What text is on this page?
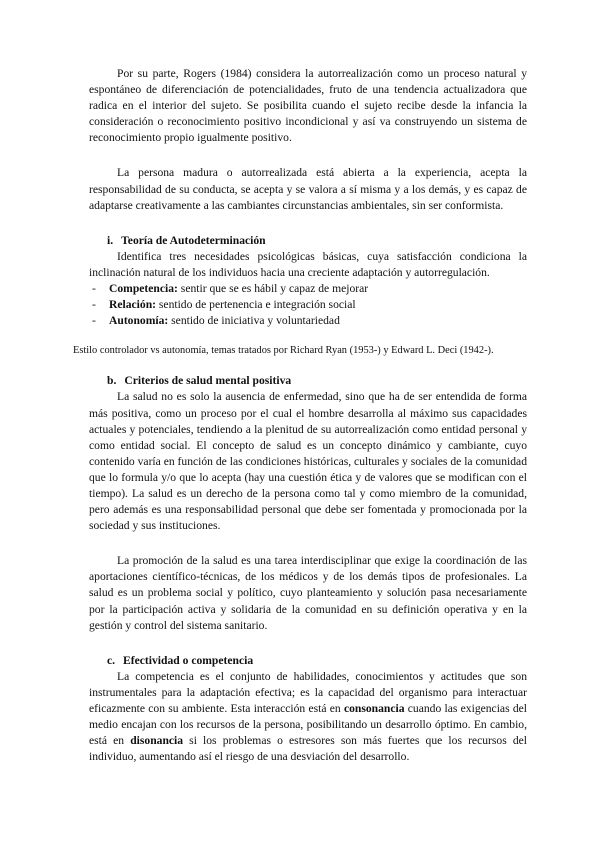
Por su parte, Rogers (1984) considera la autorrealización como un proceso natural y espontáneo de diferenciación de potencialidades, fruto de una tendencia actualizadora que radica en el interior del sujeto. Se posibilita cuando el sujeto recibe desde la infancia la consideración o reconocimiento positivo incondicional y así va construyendo un sistema de reconocimiento propio igualmente positivo.

La persona madura o autorrealizada está abierta a la experiencia, acepta la responsabilidad de su conducta, se acepta y se valora a sí misma y a los demás, y es capaz de adaptarse creativamente a las cambiantes circunstancias ambientales, sin ser conformista.

i. Teoría de Autodeterminación

Identifica tres necesidades psicológicas básicas, cuya satisfacción condiciona la inclinación natural de los individuos hacia una creciente adaptación y autorregulación.

- Competencia: sentir que se es hábil y capaz de mejorar
- Relación: sentido de pertenencia e integración social
- Autonomía: sentido de iniciativa y voluntariedad
b. Criterios de salud mental positiva

La salud no es solo la ausencia de enfermedad, sino que ha de ser entendida de forma más positiva, como un proceso por el cual el hombre desarrolla al máximo sus capacidades actuales y potenciales, tendiendo a la plenitud de su autorrealización como entidad personal y como entidad social. El concepto de salud es un concepto dinámico y cambiante, cuyo contenido varía en función de las condiciones históricas, culturales y sociales de la comunidad que lo formula y/o que lo acepta (hay una cuestión ética y de valores que se modifican con el tiempo). La salud es un derecho de la persona como tal y como miembro de la comunidad, pero además es una responsabilidad personal que debe ser fomentada y promocionada por la sociedad y sus instituciones.

La promoción de la salud es una tarea interdisciplinar que exige la coordinación de las aportaciones científico-técnicas, de los médicos y de los demás tipos de profesionales. La salud es un problema social y político, cuyo planteamiento y solución pasa necesariamente por la participación activa y solidaria de la comunidad en su definición operativa y en la gestión y control del sistema sanitario.

c. Efectividad o competencia

La competencia es el conjunto de habilidades, conocimientos y actitudes que son instrumentales para la adaptación efectiva; es la capacidad del organismo para interactuar eficazmente con su ambiente. Esta interacción está en consonancia cuando las exigencias del medio encajan con los recursos de la persona, posibilitando un desarrollo óptimo. En cambio, está en disonancia si los problemas o estresores son más fuertes que los recursos del individuo, aumentando así el riesgo de una desviación del desarrollo.

Estilo controlador vs autonomía, temas tratados por Richard Ryan (1953-) y Edward L. Deci (1942-).
